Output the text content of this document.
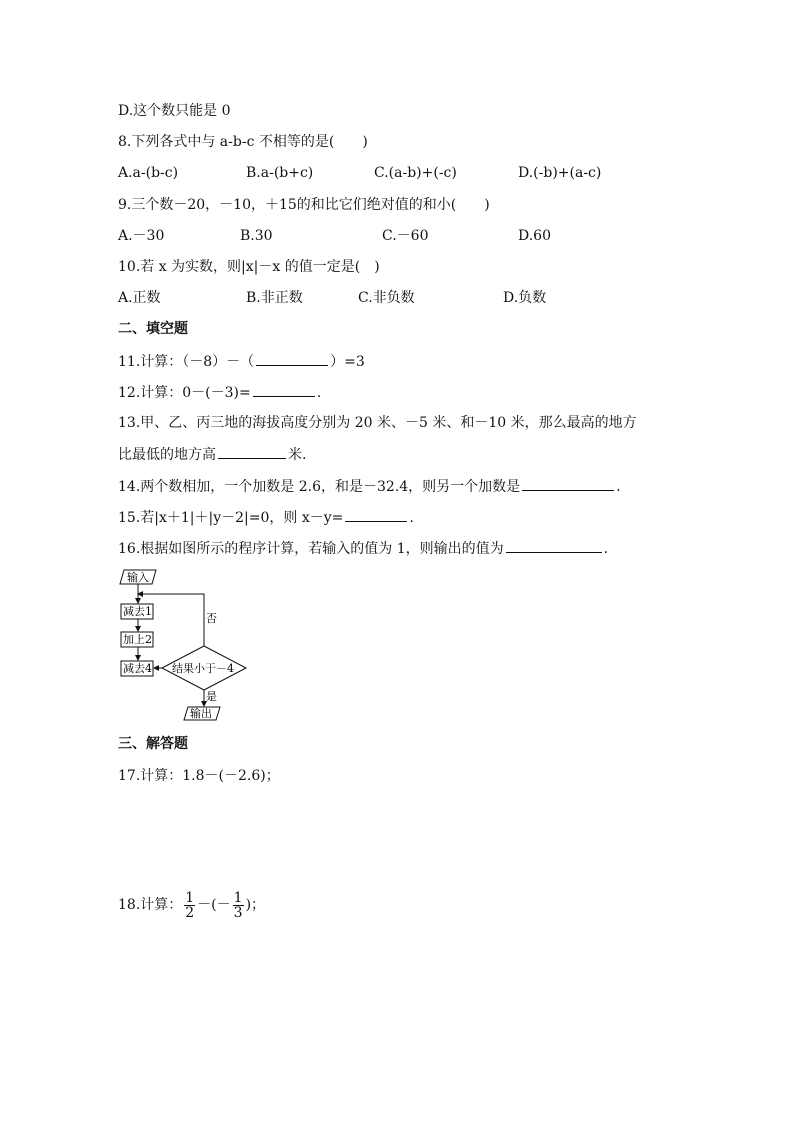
D.这个数只能是 0
8.下列各式中与 a-b-c 不相等的是(　　)
A.a-(b-c)	B.a-(b+c)	C.(a-b)+(-c)	D.(-b)+(a-c)
9.三个数－20，－10，＋15的和比它们绝对值的和小(　　)
A.－30	B.30	C.－60	D.60
10.若 x 为实数，则|x|－x 的值一定是(　)
A.正数	B.非正数	C.非负数	D.负数
二、填空题
11.计算：（－8）－（	）=3
12.计算：0－(－3)=	.
13.甲、乙、丙三地的海拔高度分别为 20 米、－5 米、和－10 米，那么最高的地方
比最低的地方高	米.
14.两个数相加，一个加数是 2.6，和是－32.4，则另一个加数是	.
15.若|x＋1|＋|y－2|=0，则 x－y=	.
16.根据如图所示的程序计算，若输入的值为 1，则输出的值为	.
输入
减去1
加上2
减去4 结果小于－4
否
是
输出
三、解答题
17.计算：1.8－(－2.6)；
18.计算： $\frac{1}{2}$ －(－ $\frac{1}{3}$ )；
